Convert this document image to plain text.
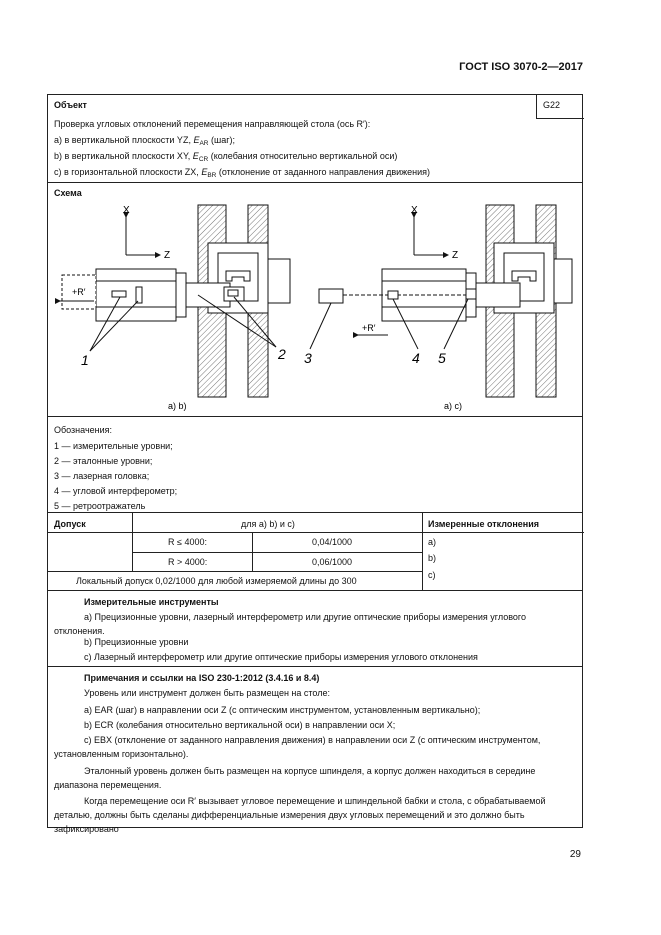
ГОСТ ISO 3070-2—2017
Объект	G22
Проверка угловых отклонений перемещения направляющей стола (ось R′):
a) в вертикальной плоскости YZ, $E_{AR}$ (шаг);
b) в вертикальной плоскости XY, $E_{CR}$ (колебания относительно вертикальной оси)
c) в горизонтальной плоскости ZX, $E_{BR}$ (отклонение от заданного направления движения)
Схема
X
Z
+R′
1	2
a) b)
X
Z
+R′
3	4 5
a) c)
Обозначения:
1 — измерительные уровни;
2 — эталонные уровни;
3 — лазерная головка;
4 — угловой интерферометр;
5 — ретроотражатель
Допуск	для a) b) и c)
R ≤ 4000:	0,04/1000
R > 4000:	0,06/1000
Локальный допуск 0,02/1000 для любой измеряемой длины до 300
Измеренные отклонения
a)
b)
c)
Измерительные инструменты

a) Прецизионные уровни, лазерный интерферометр или другие оптические приборы измерения углового отклонения.

b) Прецизионные уровни
c) Лазерный интерферометр или другие оптические приборы измерения углового отклонения
Примечания и ссылки на ISO 230-1:2012 (3.4.16 и 8.4)
Уровень или инструмент должен быть размещен на столе:
a) EAR (шаг) в направлении оси Z (с оптическим инструментом, установленным вертикально);
b) ECR (колебания относительно вертикальной оси) в направлении оси X;

c) EBX (отклонение от заданного направления движения) в направлении оси Z (с оптическим инструментом, установленным горизонтально).

Эталонный уровень должен быть размещен на корпусе шпинделя, а корпус должен находиться в середине диапазона перемещения.

Когда перемещение оси R′ вызывает угловое перемещение и шпиндельной бабки и стола, с обрабатываемой деталью, должны быть сделаны дифференциальные измерения двух угловых перемещений и это должно быть зафиксировано

29
